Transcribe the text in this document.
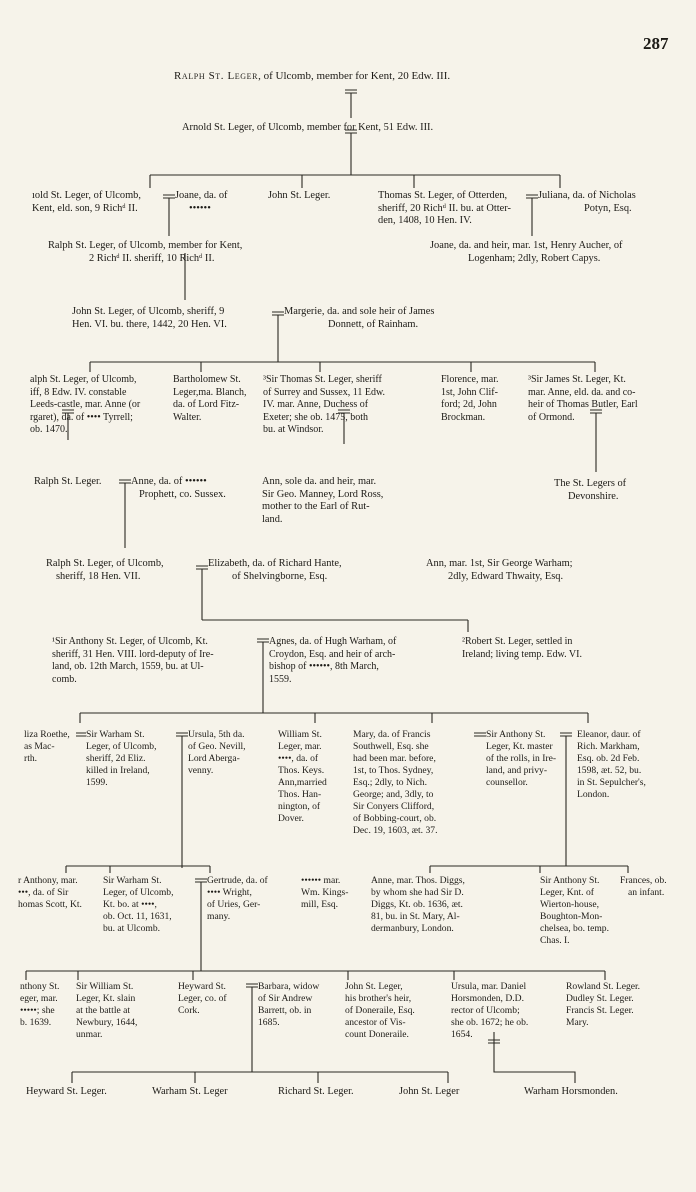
287
Ralph St. Leger, of Ulcomb, member for Kent, 20 Edw. III.
Arnold St. Leger, of Ulcomb, member for Kent, 51 Edw. III.
ıold St. Leger, of Ulcomb,
Kent, eld. son, 9 Richᵈ II.
Joane, da. of
••••••
John St. Leger.	Thomas St. Leger, of Otterden,
sheriff, 20 Richᵈ II. bu. at Otter-
den, 1408, 10 Hen. IV.
Juliana, da. of Nicholas
Potyn, Esq.
Ralph St. Leger, of Ulcomb, member for Kent,
2 Richᵈ II. sheriff, 10 Richᵈ II.
Joane, da. and heir, mar. 1st, Henry Aucher, of
Logenham; 2dly, Robert Capys.
John St. Leger, of Ulcomb, sheriff, 9
Hen. VI. bu. there, 1442, 20 Hen. VI.
Margerie, da. and sole heir of James
Donnett, of Rainham.
alph St. Leger, of Ulcomb,
iff, 8 Edw. IV. constable
Leeds-castle, mar. Anne (or
rgaret), da. of •••• Tyrrell;
ob. 1470.
Bartholomew St.
Leger,ma. Blanch,
da. of Lord Fitz-
Walter.
³Sir Thomas St. Leger, sheriff
of Surrey and Sussex, 11 Edw.
IV. mar. Anne, Duchess of
Exeter; she ob. 1475, both
bu. at Windsor.
Florence, mar.
1st, John Clif-
ford; 2d, John
Brockman.
³Sir James St. Leger, Kt.
mar. Anne, eld. da. and co-
heir of Thomas Butler, Earl
of Ormond.
Ralph St. Leger.	Anne, da. of ••••••
Prophett, co. Sussex.
Ann, sole da. and heir, mar.
Sir Geo. Manney, Lord Ross,
mother to the Earl of Rut-
land.
The St. Legers of
Devonshire.
Ralph St. Leger, of Ulcomb,
sheriff, 18 Hen. VII.
Elizabeth, da. of Richard Hante,
of Shelvingborne, Esq.
Ann, mar. 1st, Sir George Warham;
2dly, Edward Thwaity, Esq.
¹Sir Anthony St. Leger, of Ulcomb, Kt.
sheriff, 31 Hen. VIII. lord-deputy of Ire-
land, ob. 12th March, 1559, bu. at Ul-
comb.
Agnes, da. of Hugh Warham, of
Croydon, Esq. and heir of arch-
bishop of ••••••, 8th March,
1559.
²Robert St. Leger, settled in
Ireland; living temp. Edw. VI.
liza Roethe,
as Mac-
rth.
Sir Warham St.
Leger, of Ulcomb,
sheriff, 2d Eliz.
killed in Ireland,
1599.
Ursula, 5th da.
of Geo. Nevill,
Lord Aberga-
venny.
William St.
Leger, mar.
••••, da. of
Thos. Keys.
Ann,married
Thos. Han-
nington, of
Dover.
Mary, da. of Francis
Southwell, Esq. she
had been mar. before,
1st, to Thos. Sydney,
Esq.; 2dly, to Nich.
George; and, 3dly, to
Sir Conyers Clifford,
of Bobbing-court, ob.
Dec. 19, 1603, æt. 37.
Sir Anthony St.
Leger, Kt. master
of the rolls, in Ire-
land, and privy-
counsellor.
Eleanor, daur. of
Rich. Markham,
Esq. ob. 2d Feb.
1598, æt. 52, bu.
in St. Sepulcher's,
London.
r Anthony, mar.
•••, da. of Sir
homas Scott, Kt.
Sir Warham St.
Leger, of Ulcomb,
Kt. bo. at ••••,
ob. Oct. 11, 1631,
bu. at Ulcomb.
Gertrude, da. of
•••• Wright,
of Uries, Ger-
many.
•••••• mar.
Wm. Kings-
mill, Esq.
Anne, mar. Thos. Diggs,
by whom she had Sir D.
Diggs, Kt. ob. 1636, æt.
81, bu. in St. Mary, Al-
dermanbury, London.
Sir Anthony St.
Leger, Knt. of
Wierton-house,
Boughton-Mon-
chelsea, bo. temp.
Chas. I.
Frances, ob.
an infant.
nthony St.
eger, mar.
•••••; she
b. 1639.
Sir William St.
Leger, Kt. slain
at the battle at
Newbury, 1644,
unmar.
Heyward St.
Leger, co. of
Cork.
Barbara, widow
of Sir Andrew
Barrett, ob. in
1685.
John St. Leger,
his brother's heir,
of Doneraile, Esq.
ancestor of Vis-
count Doneraile.
Ursula, mar. Daniel
Horsmonden, D.D.
rector of Ulcomb;
she ob. 1672; he ob.
1654.
Rowland St. Leger.
Dudley St. Leger.
Francis St. Leger.
Mary.
Heyward St. Leger.	Warham St. Leger	Richard St. Leger.	John St. Leger	Warham Horsmonden.
